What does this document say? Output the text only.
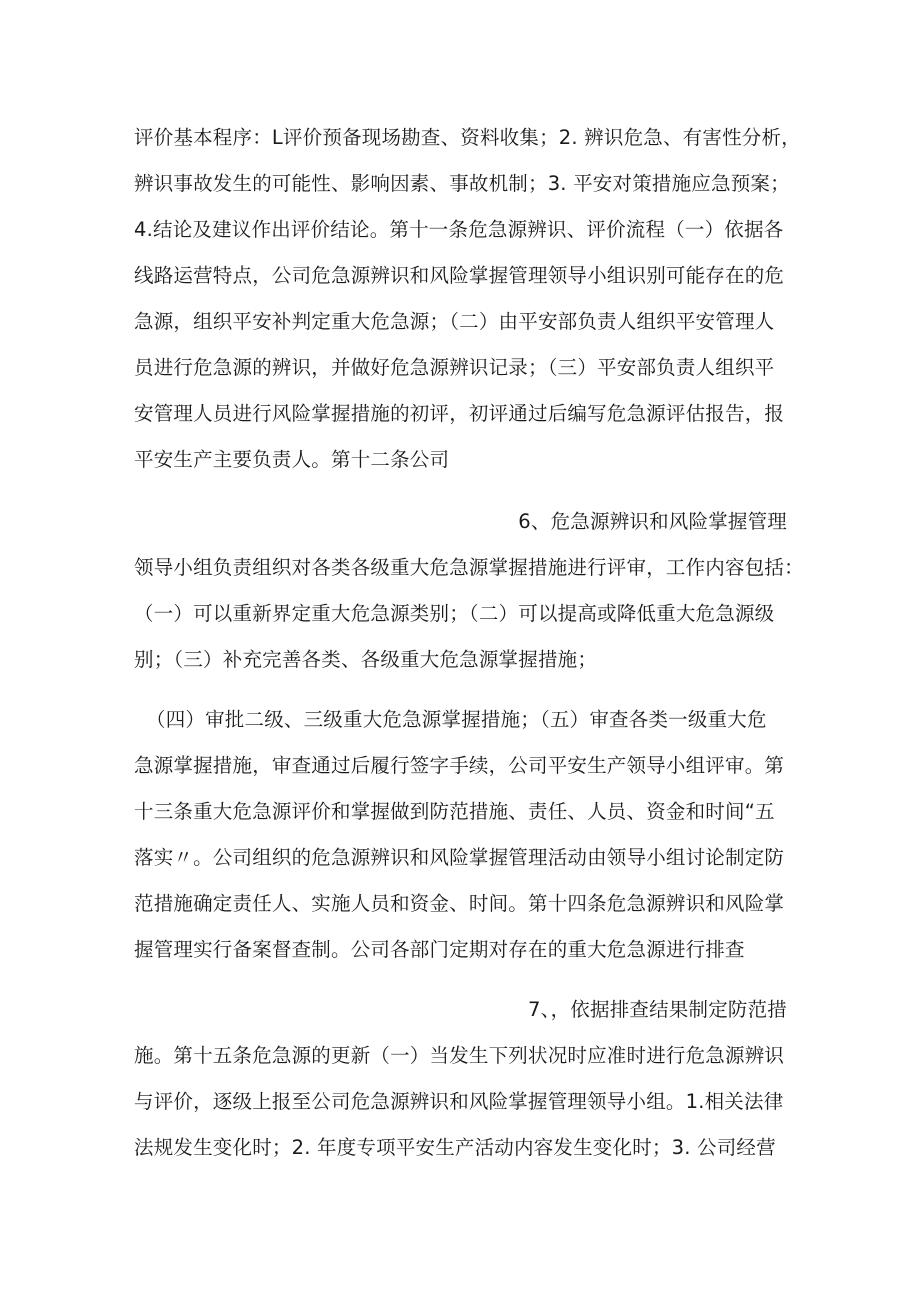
评价基本程序：L评价预备现场勘查、资料收集；2. 辨识危急、有害性分析，
辨识事故发生的可能性、影响因素、事故机制；3. 平安对策措施应急预案；
4.结论及建议作出评价结论。第十一条危急源辨识、评价流程（一）依据各
线路运营特点，公司危急源辨识和风险掌握管理领导小组识别可能存在的危
急源，组织平安补判定重大危急源；（二）由平安部负责人组织平安管理人
员进行危急源的辨识，并做好危急源辨识记录；（三）平安部负责人组织平
安管理人员进行风险掌握措施的初评，初评通过后编写危急源评估报告，报
平安生产主要负责人。第十二条公司
6、危急源辨识和风险掌握管理
领导小组负责组织对各类各级重大危急源掌握措施进行评审，工作内容包括：
（一）可以重新界定重大危急源类别；（二）可以提高或降低重大危急源级
别；（三）补充完善各类、各级重大危急源掌握措施；
（四）审批二级、三级重大危急源掌握措施；（五）审查各类一级重大危
急源掌握措施，审查通过后履行签字手续，公司平安生产领导小组评审。第
十三条重大危急源评价和掌握做到防范措施、责任、人员、资金和时间“五
落实〃。公司组织的危急源辨识和风险掌握管理活动由领导小组讨论制定防
范措施确定责任人、实施人员和资金、时间。第十四条危急源辨识和风险掌
握管理实行备案督查制。公司各部门定期对存在的重大危急源进行排查
7、，依据排查结果制定防范措
施。第十五条危急源的更新（一）当发生下列状况时应准时进行危急源辨识
与评价，逐级上报至公司危急源辨识和风险掌握管理领导小组。1.相关法律
法规发生变化时；2. 年度专项平安生产活动内容发生变化时；3. 公司经营
